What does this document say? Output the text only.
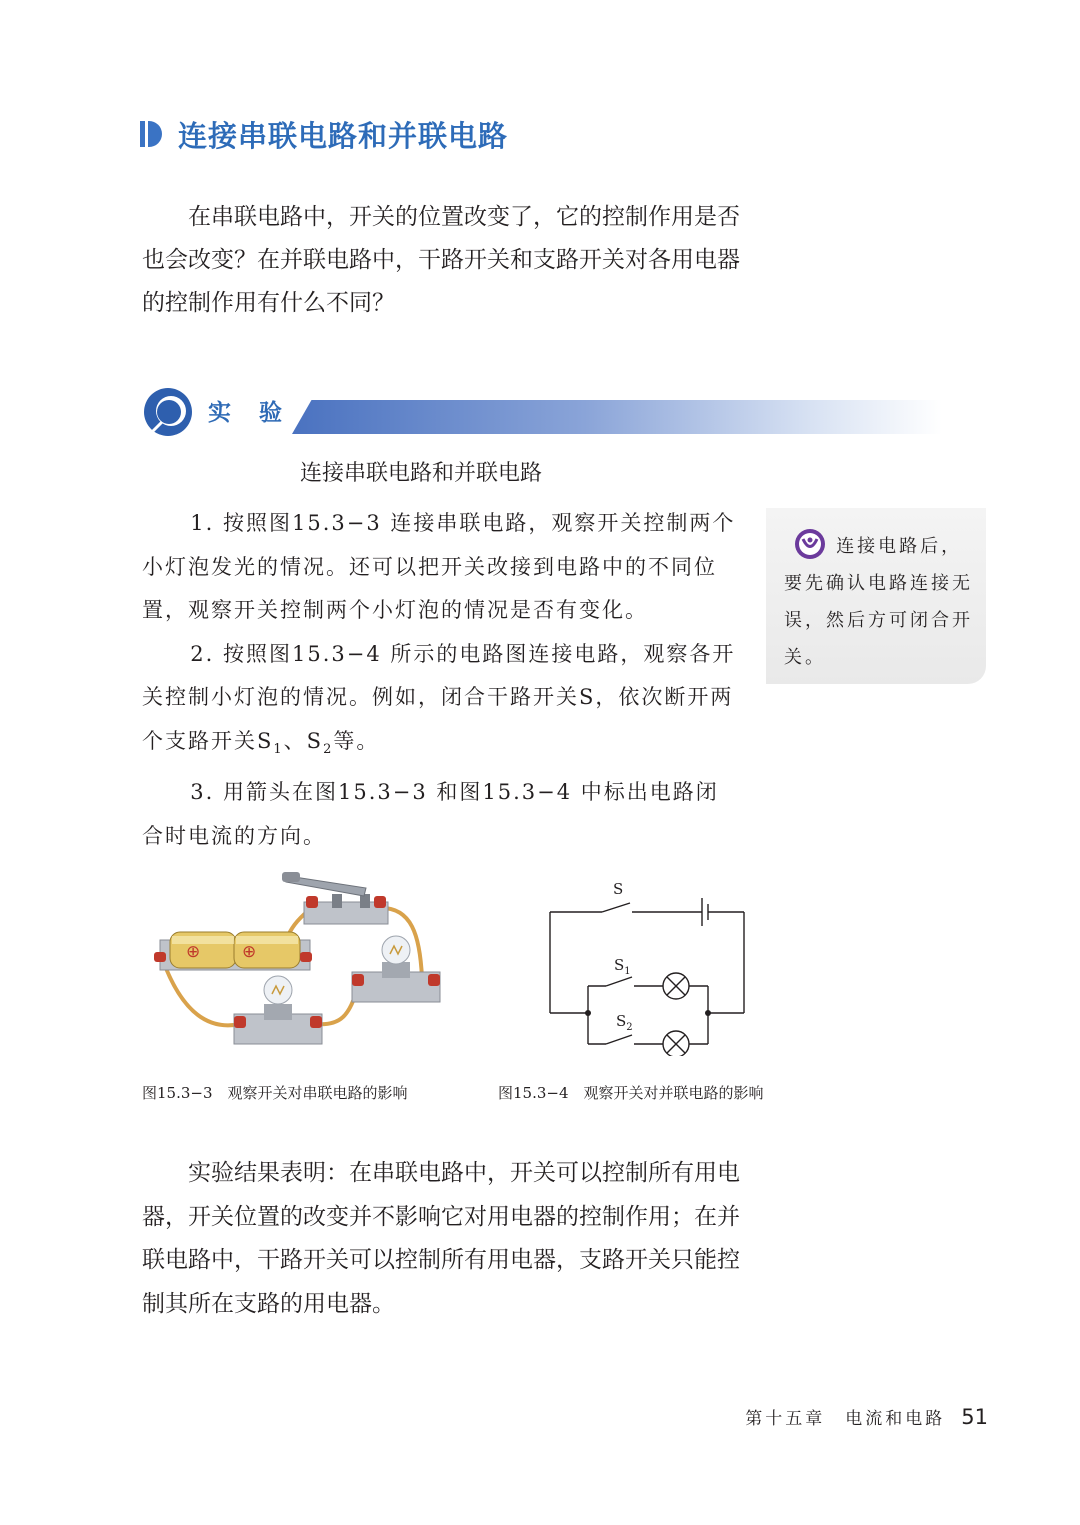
连接串联电路和并联电路

在串联电路中，开关的位置改变了，它的控制作用是否也会改变？在并联电路中，干路开关和支路开关对各用电器的控制作用有什么不同？

实 验
连接串联电路和并联电路

1. 按照图15.3−3 连接串联电路，观察开关控制两个小灯泡发光的情况。还可以把开关改接到电路中的不同位置，观察开关控制两个小灯泡的情况是否有变化。

2. 按照图15.3−4 所示的电路图连接电路，观察各开关控制小灯泡的情况。例如，闭合干路开关S，依次断开两个支路开关$S_1$、$S_2$等。

3. 用箭头在图15.3−3 和图15.3−4 中标出电路闭合时电流的方向。

连接电路后，要先确认电路连接无误，然后方可闭合开关。
⊕ ⊕
S
$S_1$
$S_2$
图15.3−3　观察开关对串联电路的影响	图15.3−4　观察开关对并联电路的影响

实验结果表明：在串联电路中，开关可以控制所有用电器，开关位置的改变并不影响它对用电器的控制作用；在并联电路中，干路开关可以控制所有用电器，支路开关只能控制其所在支路的用电器。

第十五章　电流和电路 51
